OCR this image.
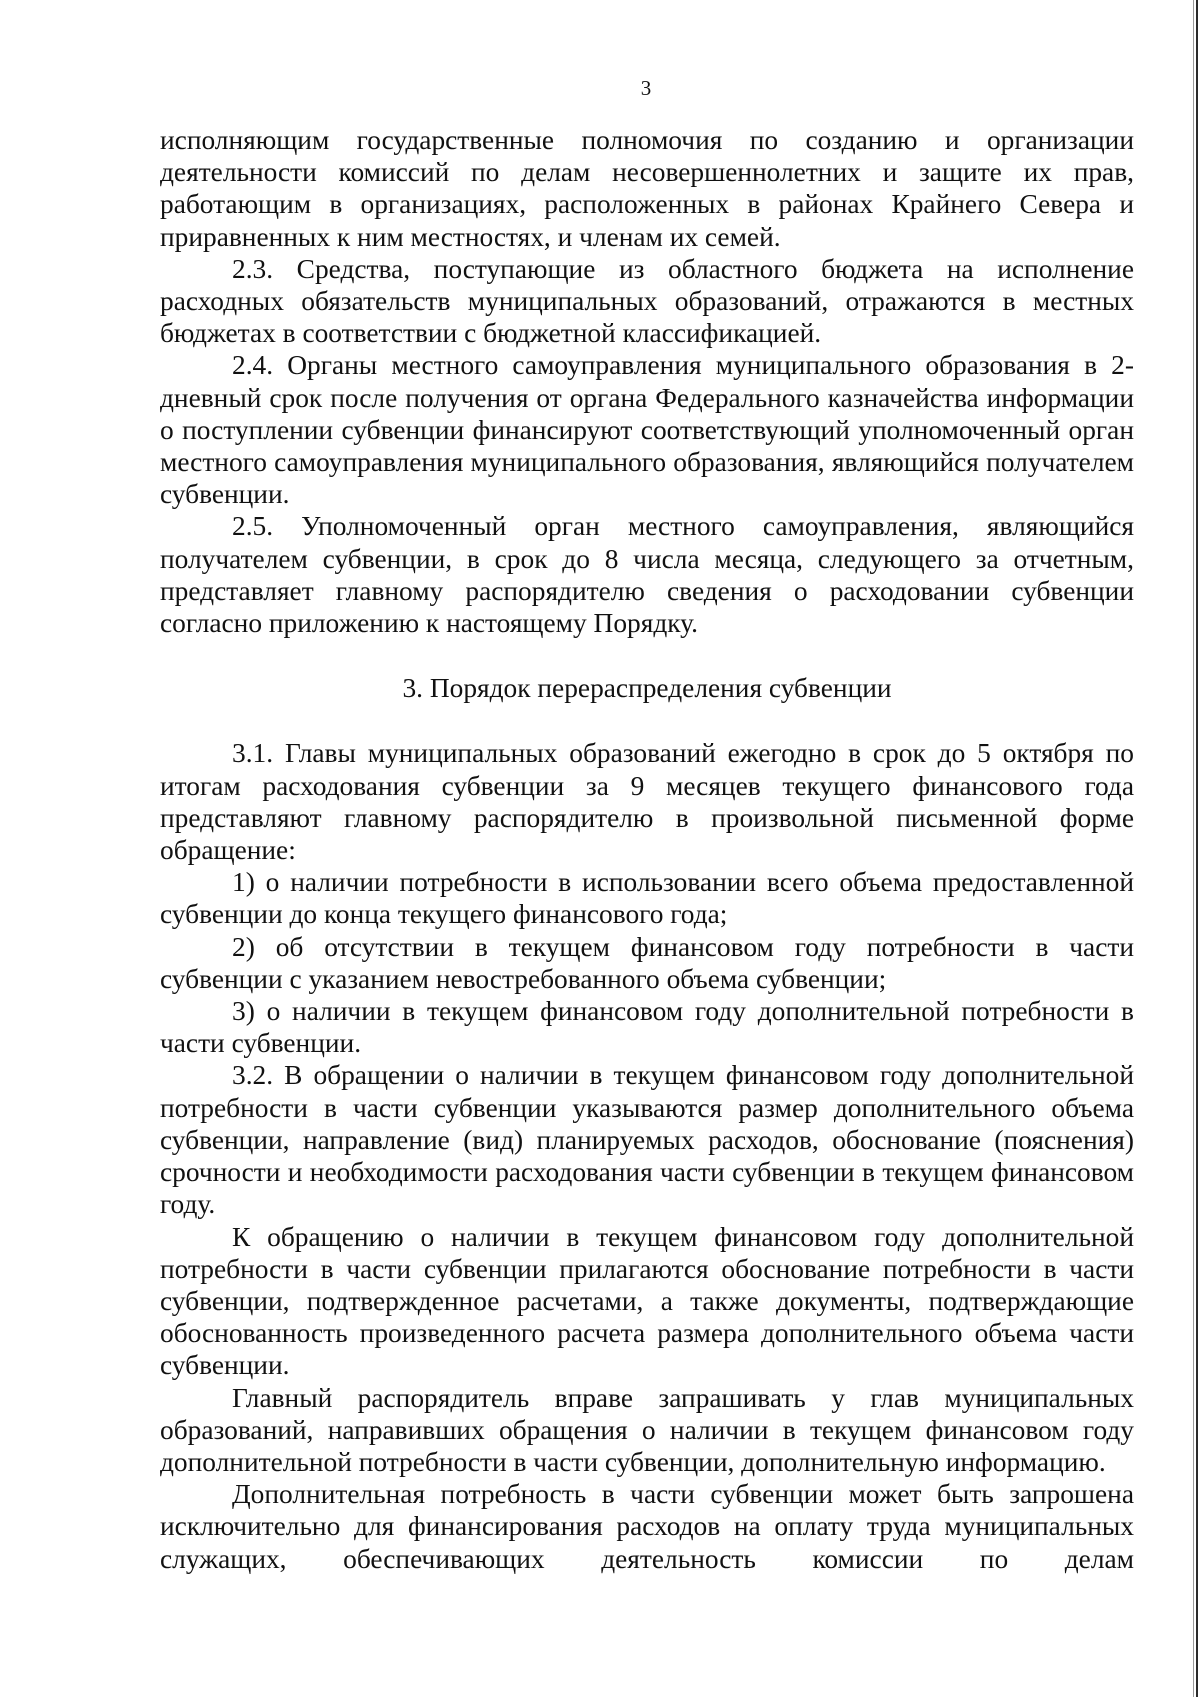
3

исполняющим государственные полномочия по созданию и организации деятельности комиссий по делам несовершеннолетних и защите их прав, работающим в организациях, расположенных в районах Крайнего Севера и приравненных к ним местностях, и членам их семей.

2.3. Средства, поступающие из областного бюджета на исполнение расходных обязательств муниципальных образований, отражаются в местных бюджетах в соответствии с бюджетной классификацией.

2.4. Органы местного самоуправления муниципального образования в 2-дневный срок после получения от органа Федерального казначейства информации о поступлении субвенции финансируют соответствующий уполномоченный орган местного самоуправления муниципального образования, являющийся получателем субвенции.

2.5. Уполномоченный орган местного самоуправления, являющийся получателем субвенции, в срок до 8 числа месяца, следующего за отчетным, представляет главному распорядителю сведения о расходовании субвенции согласно приложению к настоящему Порядку.

3. Порядок перераспределения субвенции

3.1. Главы муниципальных образований ежегодно в срок до 5 октября по итогам расходования субвенции за 9 месяцев текущего финансового года представляют главному распорядителю в произвольной письменной форме обращение:

1) о наличии потребности в использовании всего объема предоставленной субвенции до конца текущего финансового года;

2) об отсутствии в текущем финансовом году потребности в части субвенции с указанием невостребованного объема субвенции;

3) о наличии в текущем финансовом году дополнительной потребности в части субвенции.

3.2. В обращении о наличии в текущем финансовом году дополнительной потребности в части субвенции указываются размер дополнительного объема субвенции, направление (вид) планируемых расходов, обоснование (пояснения) срочности и необходимости расходования части субвенции в текущем финансовом году.

К обращению о наличии в текущем финансовом году дополнительной потребности в части субвенции прилагаются обоснование потребности в части субвенции, подтвержденное расчетами, а также документы, подтверждающие обоснованность произведенного расчета размера дополнительного объема части субвенции.

Главный распорядитель вправе запрашивать у глав муниципальных образований, направивших обращения о наличии в текущем финансовом году дополнительной потребности в части субвенции, дополнительную информацию.

Дополнительная потребность в части субвенции может быть запрошена исключительно для финансирования расходов на оплату труда муниципальных служащих, обеспечивающих деятельность комиссии по делам
